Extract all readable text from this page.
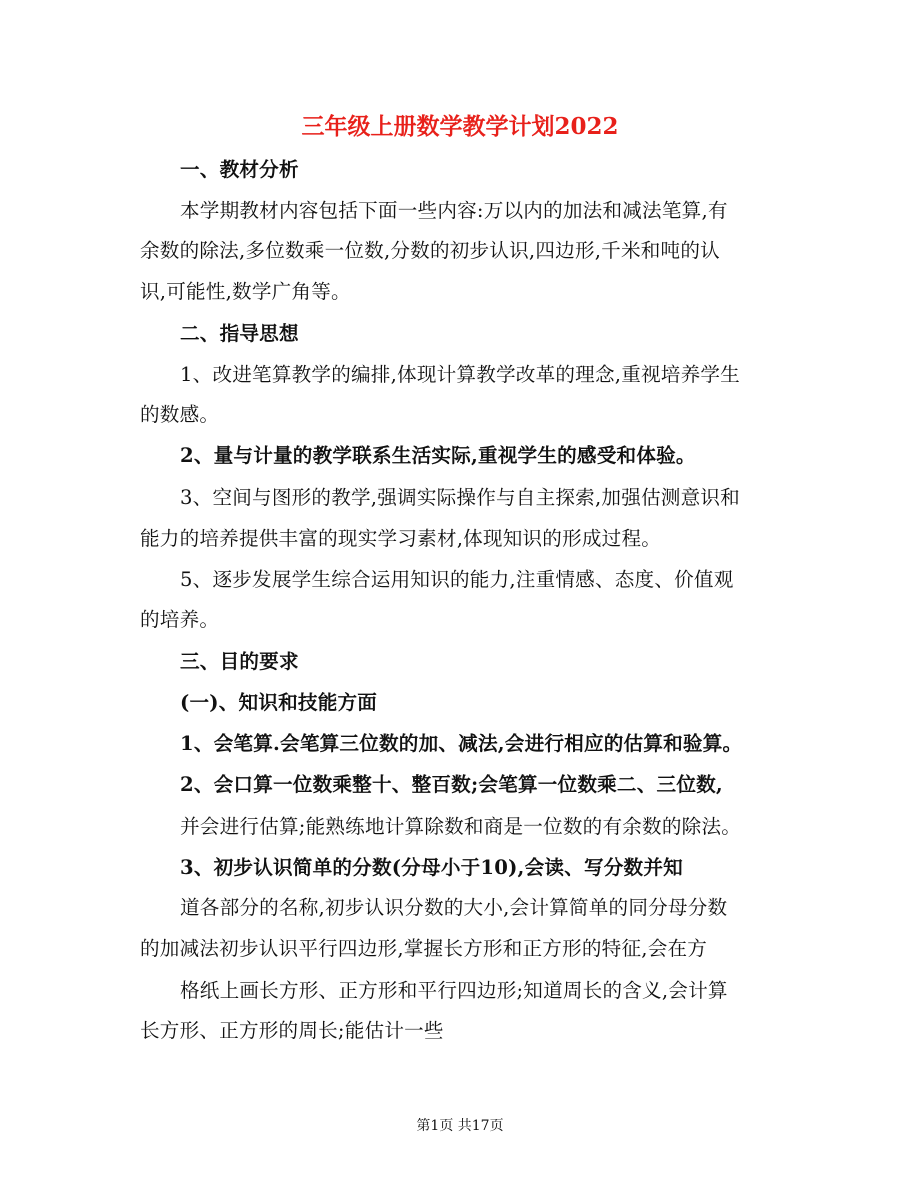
三年级上册数学教学计划2022

一、教材分析

本学期教材内容包括下面一些内容:万以内的加法和减法笔算,有

余数的除法,多位数乘一位数,分数的初步认识,四边形,千米和吨的认

识,可能性,数学广角等。

二、指导思想

1、改进笔算教学的编排,体现计算教学改革的理念,重视培养学生

的数感。

2、量与计量的教学联系生活实际,重视学生的感受和体验。

3、空间与图形的教学,强调实际操作与自主探索,加强估测意识和

能力的培养提供丰富的现实学习素材,体现知识的形成过程。

5、逐步发展学生综合运用知识的能力,注重情感、态度、价值观

的培养。

三、目的要求

(一)、知识和技能方面

1、会笔算.会笔算三位数的加、减法,会进行相应的估算和验算。

2、会口算一位数乘整十、整百数;会笔算一位数乘二、三位数,

并会进行估算;能熟练地计算除数和商是一位数的有余数的除法。

3、初步认识简单的分数(分母小于10),会读、写分数并知

道各部分的名称,初步认识分数的大小,会计算简单的同分母分数

的加减法初步认识平行四边形,掌握长方形和正方形的特征,会在方

格纸上画长方形、正方形和平行四边形;知道周长的含义,会计算

长方形、正方形的周长;能估计一些

第1页 共17页
